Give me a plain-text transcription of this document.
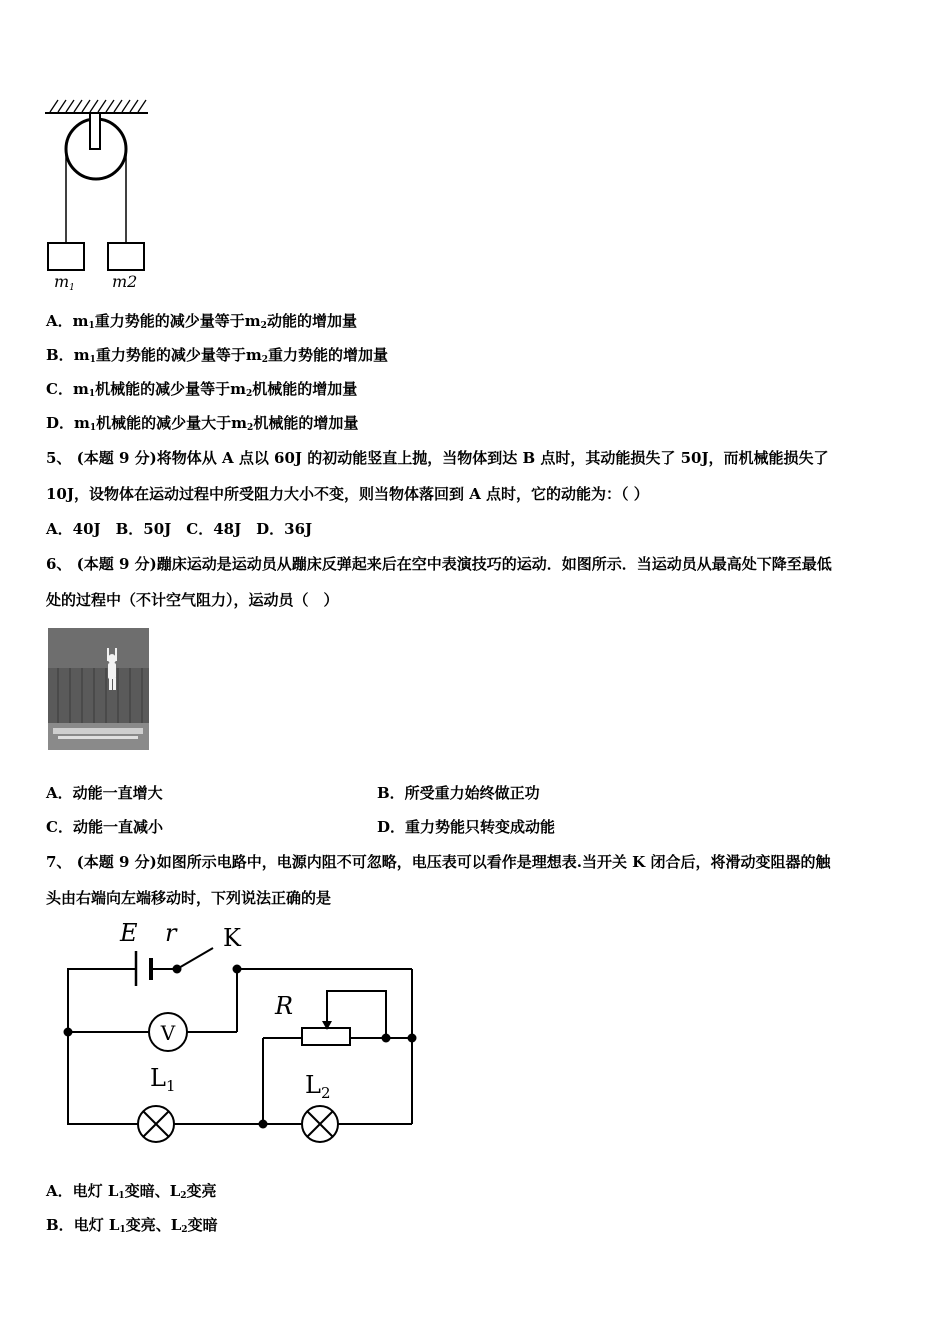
m1 m2
A．$m_1$重力势能的减少量等于$m_2$动能的增加量
B．$m_1$重力势能的减少量等于$m_2$重力势能的增加量
C．$m_1$机械能的减少量等于$m_2$机械能的增加量
D．$m_1$机械能的减少量大于$m_2$机械能的增加量
5、 (本题 9 分)将物体从 A 点以 60J 的初动能竖直上抛，当物体到达 B 点时，其动能损失了 50J，而机械能损失了
10J，设物体在运动过程中所受阻力大小不变，则当物体落回到 A 点时，它的动能为：（ ）
A．40J　B．50J　C．48J　D．36J
6、 (本题 9 分)蹦床运动是运动员从蹦床反弹起来后在空中表演技巧的运动．如图所示．当运动员从最高处下降至最低
处的过程中（不计空气阻力），运动员（　）
A．动能一直增大	B．所受重力始终做正功
C．动能一直减小	D．重力势能只转变成动能
7、 (本题 9 分)如图所示电路中，电源内阻不可忽略，电压表可以看作是理想表.当开关 K 闭合后，将滑动变阻器的触
头由右端向左端移动时，下列说法正确的是
V
E r K
R
$L_1$	$L_2$
A．电灯 $L_1$变暗、$L_2$变亮
B．电灯 $L_1$变亮、$L_2$变暗
